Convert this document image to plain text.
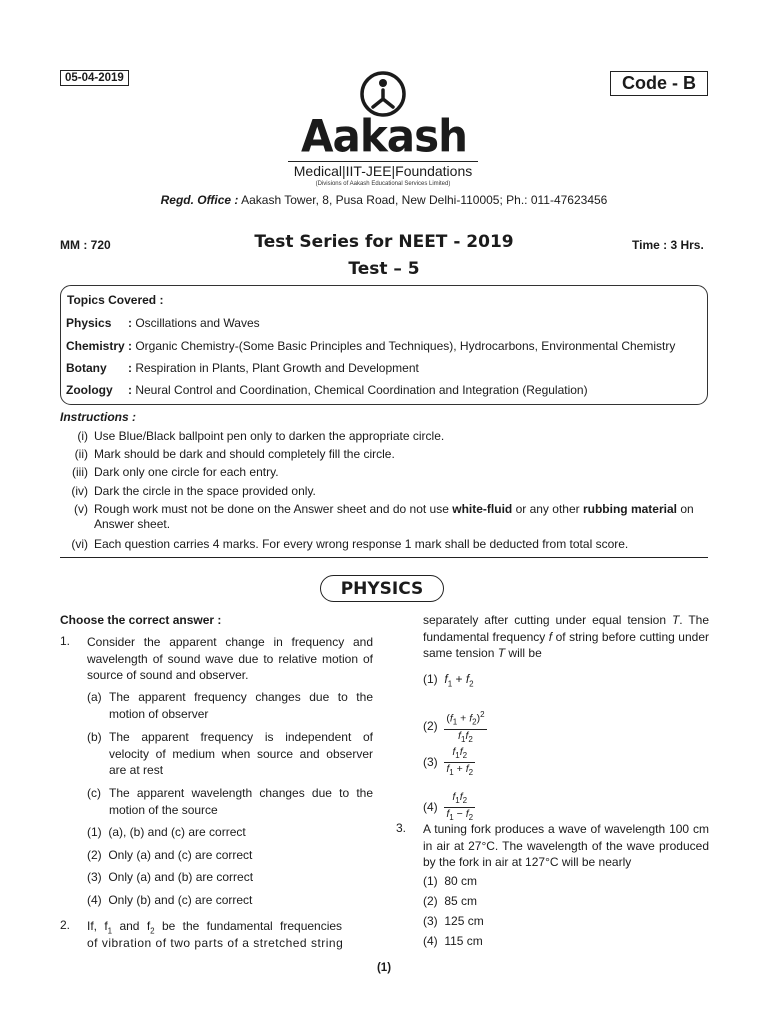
05-04-2019	Code - B
Aakash
Medical|IIT-JEE|Foundations
(Divisions of Aakash Educational Services Limited)
Regd. Office : Aakash Tower, 8, Pusa Road, New Delhi-110005; Ph.: 011-47623456
MM : 720	Test Series for NEET - 2019	Time : 3 Hrs.
Test – 5
Topics Covered :
Physics : Oscillations and Waves
Chemistry : Organic Chemistry-(Some Basic Principles and Techniques), Hydrocarbons, Environmental Chemistry
Botany : Respiration in Plants, Plant Growth and Development
Zoology : Neural Control and Coordination, Chemical Coordination and Integration (Regulation)
Instructions :
(i) Use Blue/Black ballpoint pen only to darken the appropriate circle.
(ii) Mark should be dark and should completely fill the circle.
(iii) Dark only one circle for each entry.
(iv) Dark the circle in the space provided only.
(v) Rough work must not be done on the Answer sheet and do not use white-fluid or any other rubbing material on Answer sheet.
(vi) Each question carries 4 marks. For every wrong response 1 mark shall be deducted from total score.
PHYSICS
Choose the correct answer :
1. Consider the apparent change in frequency and wavelength of sound wave due to relative motion of source of sound and observer.
(a) The apparent frequency changes due to the motion of observer
(b) The apparent frequency is independent of velocity of medium when source and observer are at rest
(c) The apparent wavelength changes due to the motion of the source
(1) (a), (b) and (c) are correct
(2) Only (a) and (c) are correct
(3) Only (a) and (b) are correct
(4) Only (b) and (c) are correct
2. If, $f_1$ and $f_2$ be the fundamental frequencies
of vibration of two parts of a stretched string
separately after cutting under equal tension T. The fundamental frequency f of string before cutting under same tension T will be
(1) $f_1 + f_2$
$(2) \frac{(f_1 + f_2)^2}{f_1f_2}$
$(3) \frac{f_1f_2}{f_1 + f_2}$
$(4) \frac{f_1f_2}{f_1 - f_2}$
3. A tuning fork produces a wave of wavelength 100 cm in air at 27°C. The wavelength of the wave produced by the fork in air at 127°C will be nearly
(1) 80 cm
(2) 85 cm
(3) 125 cm
(4) 115 cm
(1)
